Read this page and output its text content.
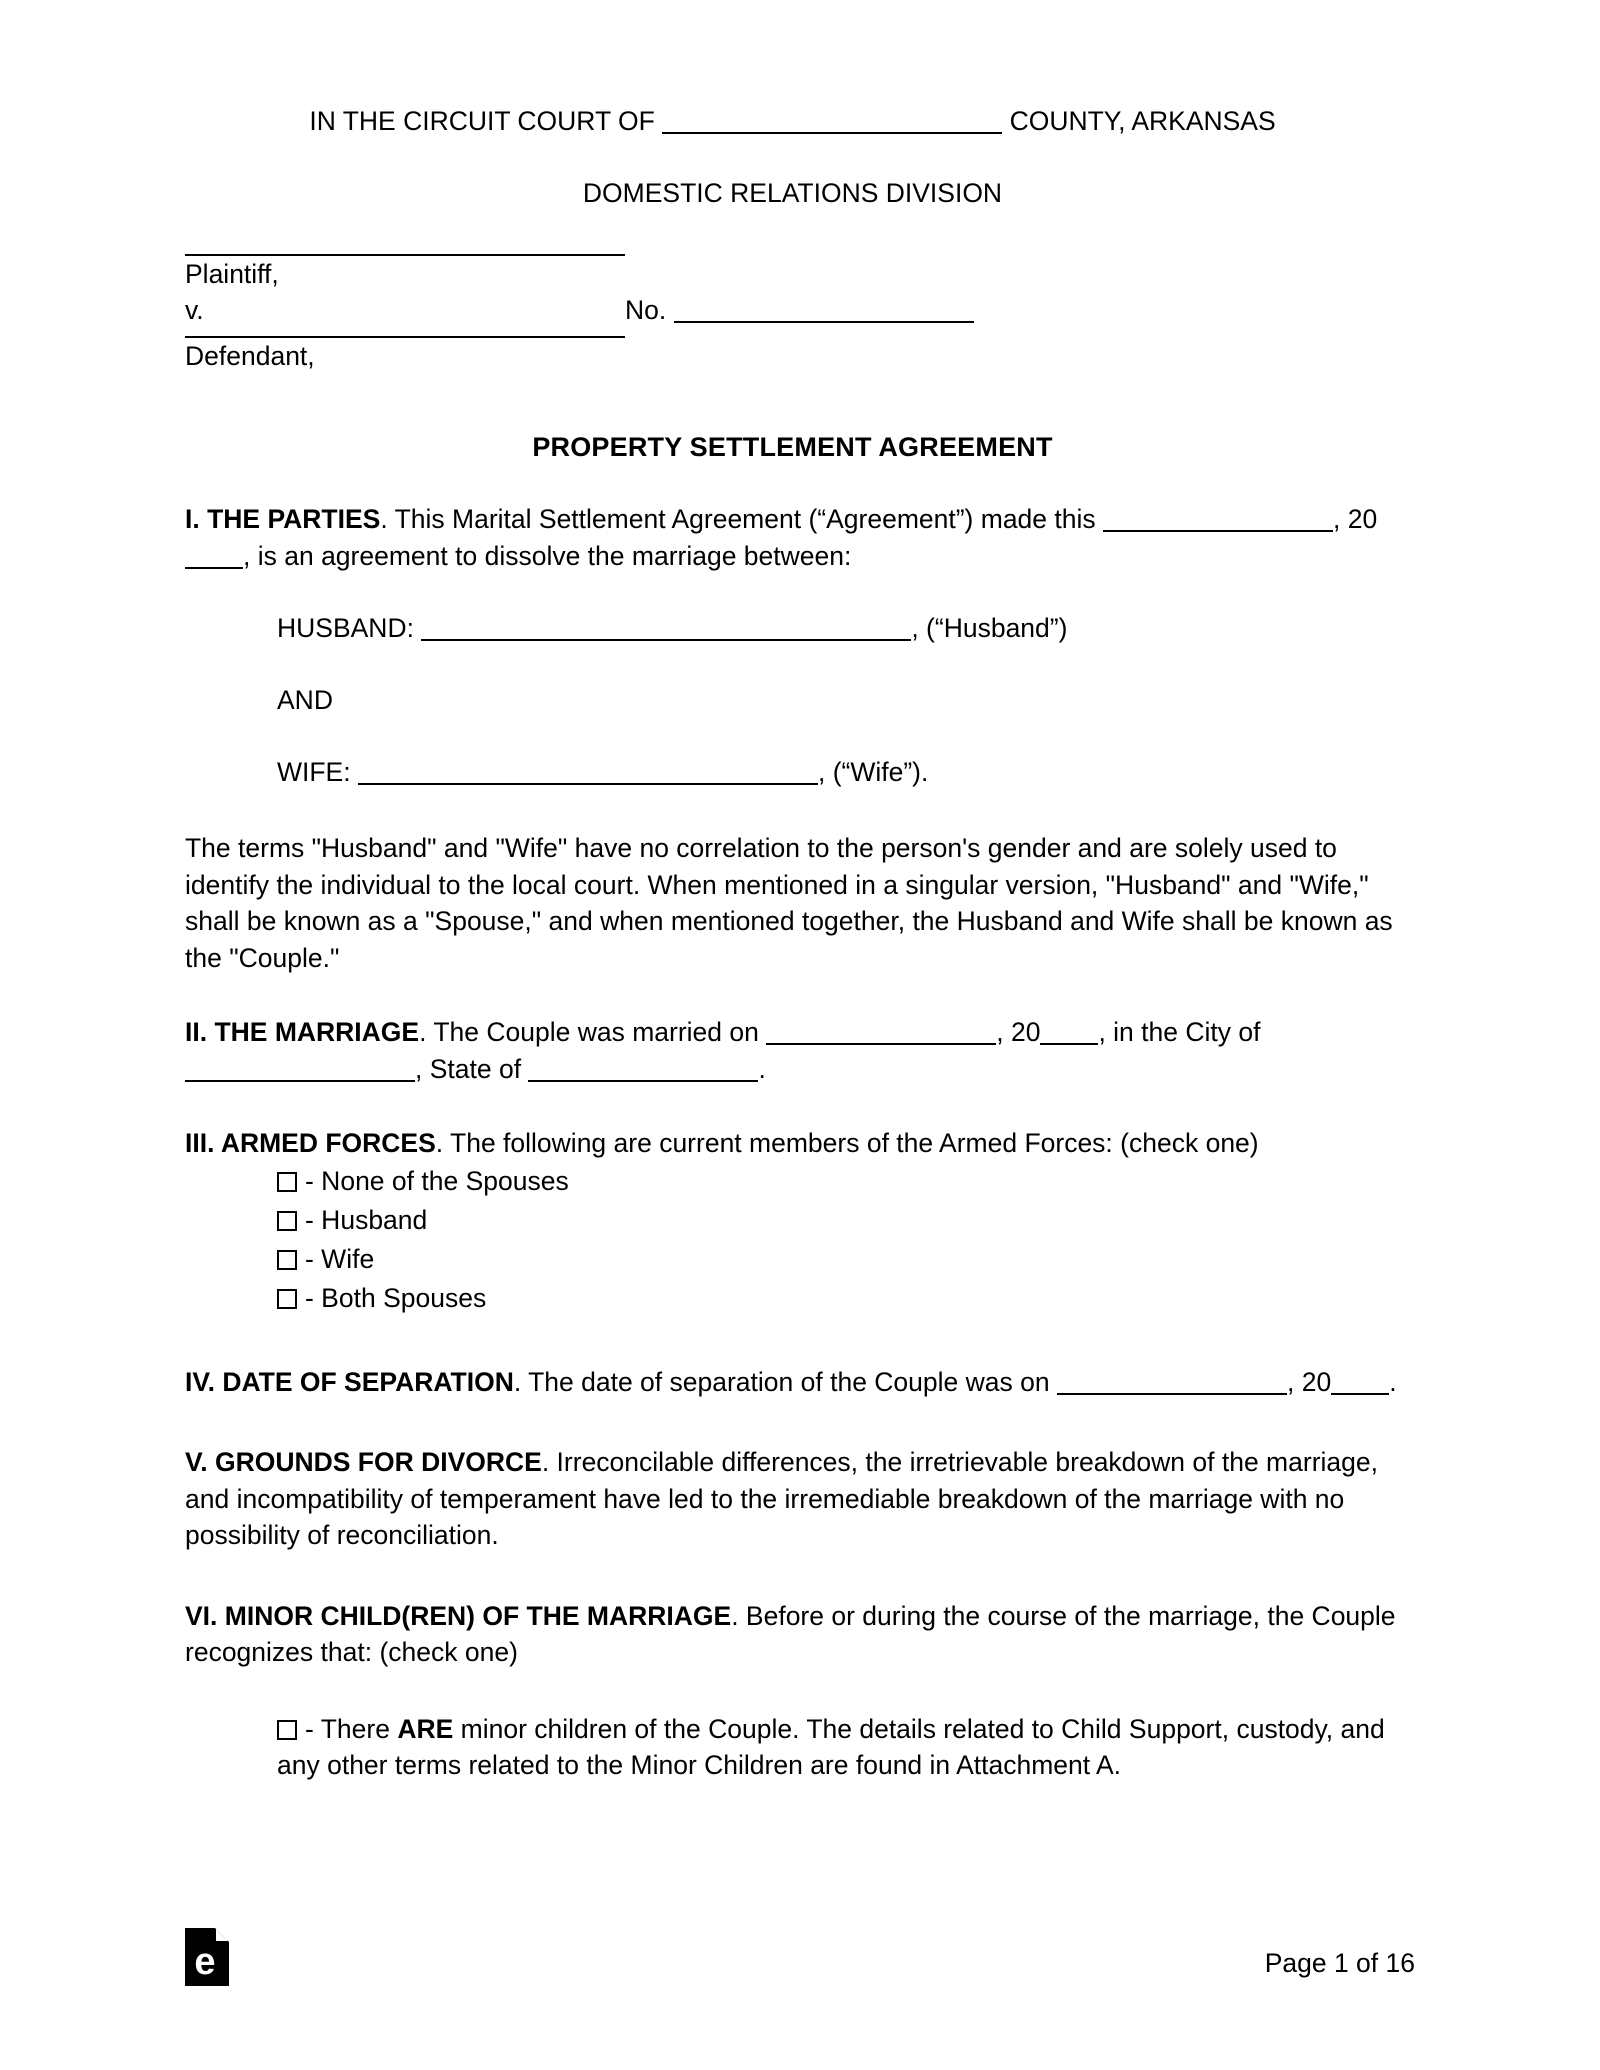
IN THE CIRCUIT COURT OF	COUNTY, ARKANSAS
DOMESTIC RELATIONS DIVISION
Plaintiff,
v.	No.
Defendant,
PROPERTY SETTLEMENT AGREEMENT
I. THE PARTIES. This Marital Settlement Agreement (“Agreement”) made this	, 20, is an agreement to dissolve the marriage between:
HUSBAND:	, (“Husband”)
AND
WIFE:	, (“Wife”).
The terms "Husband" and "Wife" have no correlation to the person's gender and are solely used to identify the individual to the local court. When mentioned in a singular version, "Husband" and "Wife," shall be known as a "Spouse," and when mentioned together, the Husband and Wife shall be known as the "Couple."
II. THE MARRIAGE. The Couple was married on	, 20 , in the City of , State of	.
III. ARMED FORCES. The following are current members of the Armed Forces: (check one)
- None of the Spouses
- Husband
- Wife
- Both Spouses
IV. DATE OF SEPARATION. The date of separation of the Couple was on	, 20 .
V. GROUNDS FOR DIVORCE. Irreconcilable differences, the irretrievable breakdown of the marriage, and incompatibility of temperament have led to the irremediable breakdown of the marriage with no possibility of reconciliation.
VI. MINOR CHILD(REN) OF THE MARRIAGE. Before or during the course of the marriage, the Couple recognizes that: (check one)
- There ARE minor children of the Couple. The details related to Child Support, custody, and any other terms related to the Minor Children are found in Attachment A.
e	Page 1 of 16
